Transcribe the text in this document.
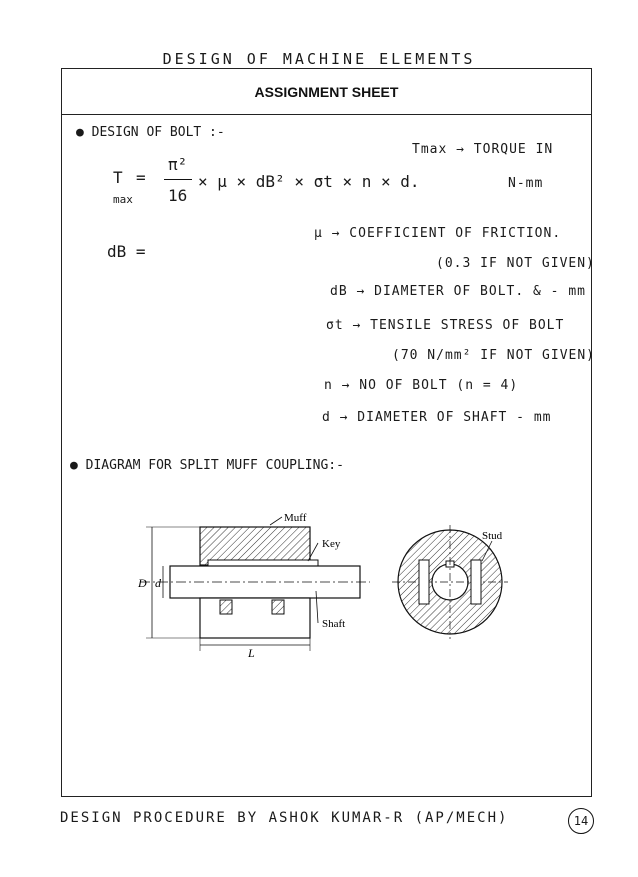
DESIGN OF MACHINE ELEMENTS
ASSIGNMENT SHEET
● DESIGN OF BOLT :-
Tmax → TORQUE IN
N-mm
T
max
=
π²
16
× μ × dB² × σt × n × d.
dB =
μ → COEFFICIENT OF FRICTION.
(0.3 IF NOT GIVEN)
dB → DIAMETER OF BOLT. & - mm
σt → TENSILE STRESS OF BOLT
(70 N/mm² IF NOT GIVEN)
n → NO OF BOLT (n = 4)
d → DIAMETER OF SHAFT - mm
● DIAGRAM FOR SPLIT MUFF COUPLING:-
D d
L
Muff
Key
Shaft
Stud
DESIGN PROCEDURE BY ASHOK KUMAR-R (AP/MECH)	14
